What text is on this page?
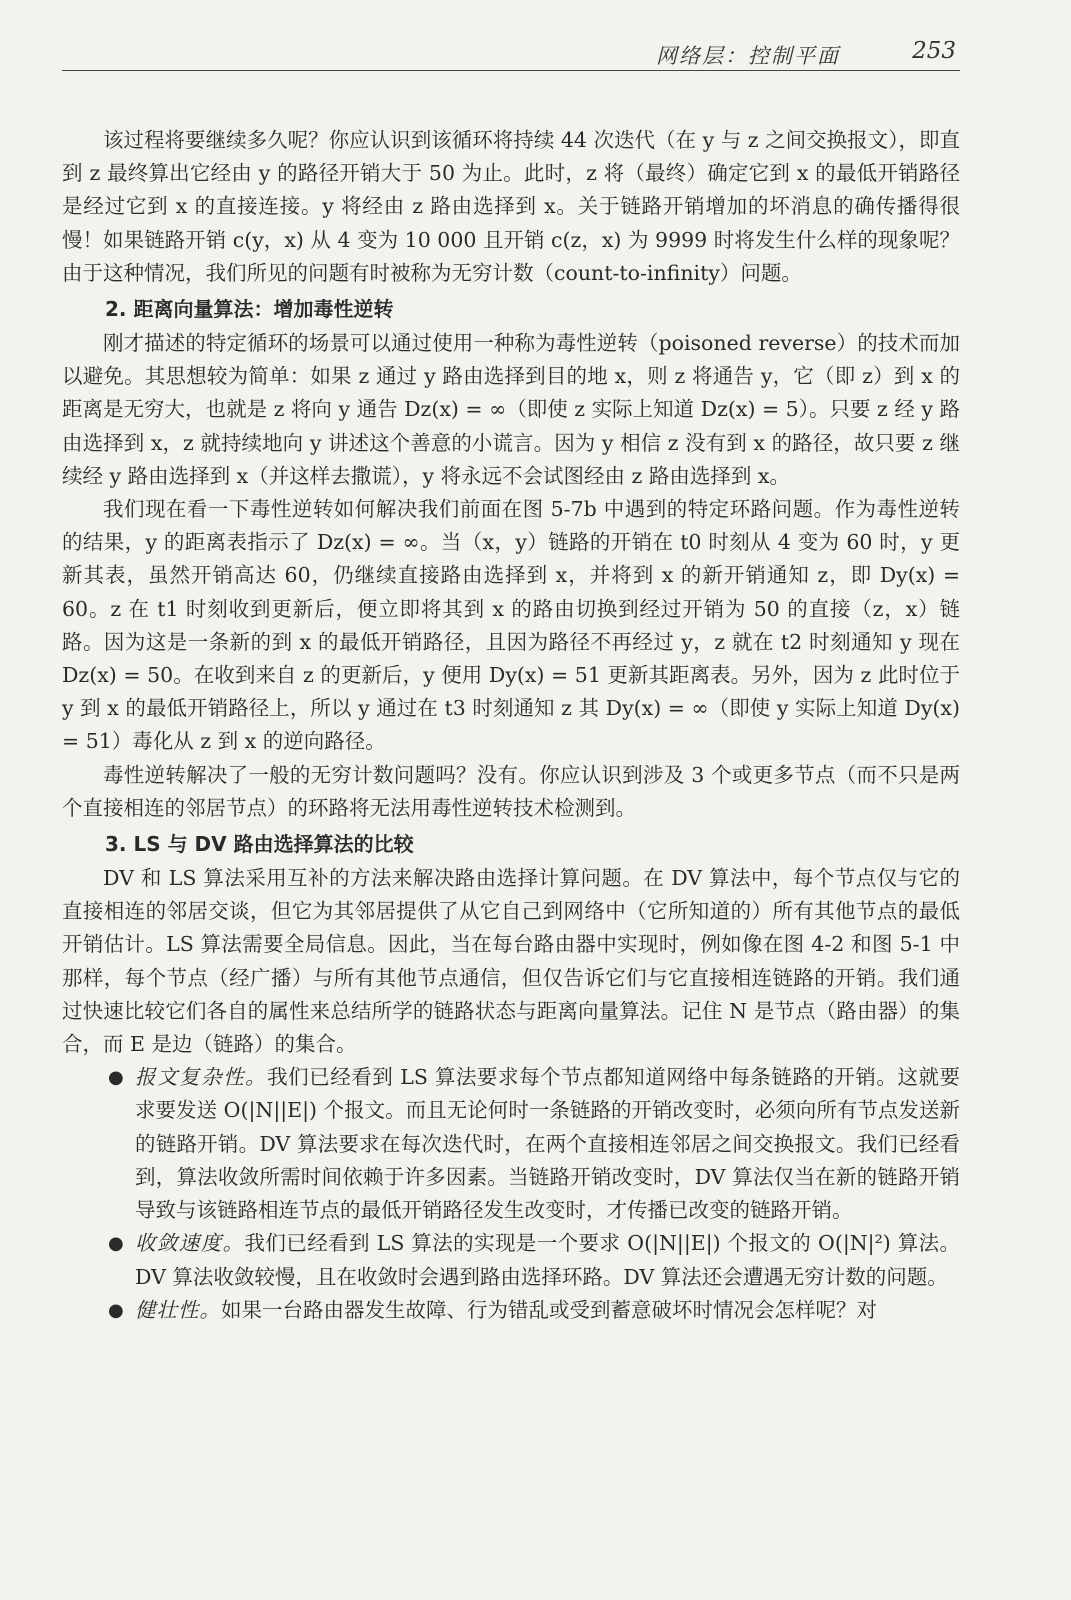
网络层：控制平面	253

该过程将要继续多久呢？你应认识到该循环将持续 44 次迭代（在 y 与 z 之间交换报文），即直到 z 最终算出它经由 y 的路径开销大于 50 为止。此时，z 将（最终）确定它到 x 的最低开销路径是经过它到 x 的直接连接。y 将经由 z 路由选择到 x。关于链路开销增加的坏消息的确传播得很慢！如果链路开销 c(y，x) 从 4 变为 10 000 且开销 c(z，x) 为 9999 时将发生什么样的现象呢？由于这种情况，我们所见的问题有时被称为无穷计数（count-to-infinity）问题。

2. 距离向量算法：增加毒性逆转

刚才描述的特定循环的场景可以通过使用一种称为毒性逆转（poisoned reverse）的技术而加以避免。其思想较为简单：如果 z 通过 y 路由选择到目的地 x，则 z 将通告 y，它（即 z）到 x 的距离是无穷大，也就是 z 将向 y 通告 Dz(x) = ∞（即使 z 实际上知道 Dz(x) = 5）。只要 z 经 y 路由选择到 x，z 就持续地向 y 讲述这个善意的小谎言。因为 y 相信 z 没有到 x 的路径，故只要 z 继续经 y 路由选择到 x（并这样去撒谎），y 将永远不会试图经由 z 路由选择到 x。

我们现在看一下毒性逆转如何解决我们前面在图 5-7b 中遇到的特定环路问题。作为毒性逆转的结果，y 的距离表指示了 Dz(x) = ∞。当（x，y）链路的开销在 t0 时刻从 4 变为 60 时，y 更新其表，虽然开销高达 60，仍继续直接路由选择到 x，并将到 x 的新开销通知 z，即 Dy(x) = 60。z 在 t1 时刻收到更新后，便立即将其到 x 的路由切换到经过开销为 50 的直接（z，x）链路。因为这是一条新的到 x 的最低开销路径，且因为路径不再经过 y，z 就在 t2 时刻通知 y 现在 Dz(x) = 50。在收到来自 z 的更新后，y 便用 Dy(x) = 51 更新其距离表。另外，因为 z 此时位于 y 到 x 的最低开销路径上，所以 y 通过在 t3 时刻通知 z 其 Dy(x) = ∞（即使 y 实际上知道 Dy(x) = 51）毒化从 z 到 x 的逆向路径。

毒性逆转解决了一般的无穷计数问题吗？没有。你应认识到涉及 3 个或更多节点（而不只是两个直接相连的邻居节点）的环路将无法用毒性逆转技术检测到。

3. LS 与 DV 路由选择算法的比较

DV 和 LS 算法采用互补的方法来解决路由选择计算问题。在 DV 算法中，每个节点仅与它的直接相连的邻居交谈，但它为其邻居提供了从它自己到网络中（它所知道的）所有其他节点的最低开销估计。LS 算法需要全局信息。因此，当在每台路由器中实现时，例如像在图 4-2 和图 5-1 中那样，每个节点（经广播）与所有其他节点通信，但仅告诉它们与它直接相连链路的开销。我们通过快速比较它们各自的属性来总结所学的链路状态与距离向量算法。记住 N 是节点（路由器）的集合，而 E 是边（链路）的集合。

● 报文复杂性。我们已经看到 LS 算法要求每个节点都知道网络中每条链路的开销。这就要求要发送 O(|N||E|) 个报文。而且无论何时一条链路的开销改变时，必须向所有节点发送新的链路开销。DV 算法要求在每次迭代时，在两个直接相连邻居之间交换报文。我们已经看到，算法收敛所需时间依赖于许多因素。当链路开销改变时，DV 算法仅当在新的链路开销导致与该链路相连节点的最低开销路径发生改变时，才传播已改变的链路开销。
● 收敛速度。我们已经看到 LS 算法的实现是一个要求 O(|N||E|) 个报文的 O(|N|²) 算法。DV 算法收敛较慢，且在收敛时会遇到路由选择环路。DV 算法还会遭遇无穷计数的问题。
● 健壮性。如果一台路由器发生故障、行为错乱或受到蓄意破坏时情况会怎样呢？对
